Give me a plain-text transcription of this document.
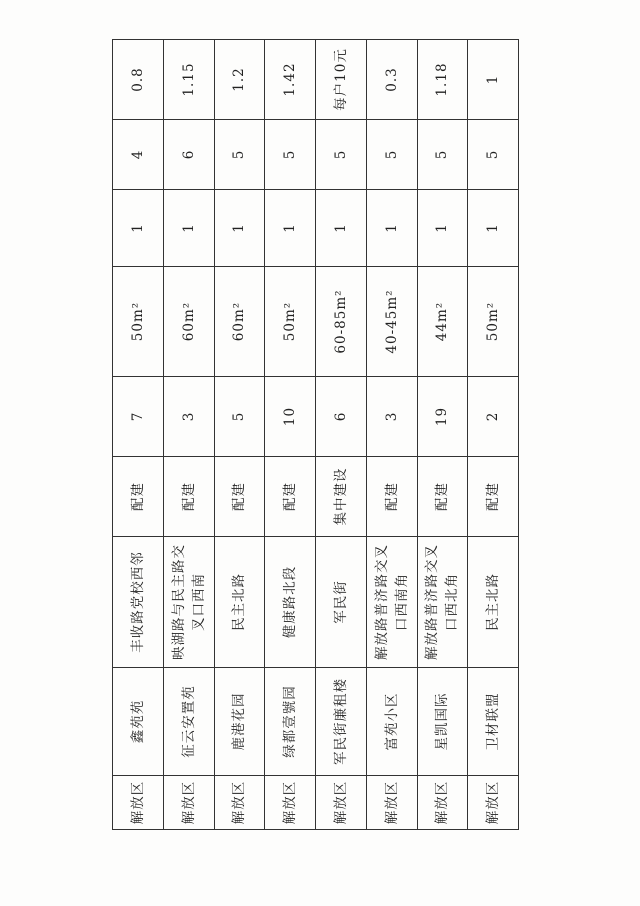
解放区	鑫苑苑	丰收路党校西邻	配建	7	50m²	1	4	0.8
解放区	征云安置苑	映湖路与民主路交叉口西南	配建	3	60m²	1	6	1.15
解放区	鹿港花园	民主北路	配建	5	60m²	1	5	1.2
解放区	绿都壹號园	健康路北段	配建	10	50m²	1	5	1.42
解放区	军民街廉租楼	军民街	集中建设	6	60-85m²	1	5	每户10元
解放区	富苑小区	解放路普济路交叉口西南角	配建	3	40-45m²	1	5	0.3
解放区	星凯国际	解放路普济路交叉口西北角	配建	19	44m²	1	5	1.18
解放区	卫材联盟	民主北路	配建	2	50m²	1	5	1
